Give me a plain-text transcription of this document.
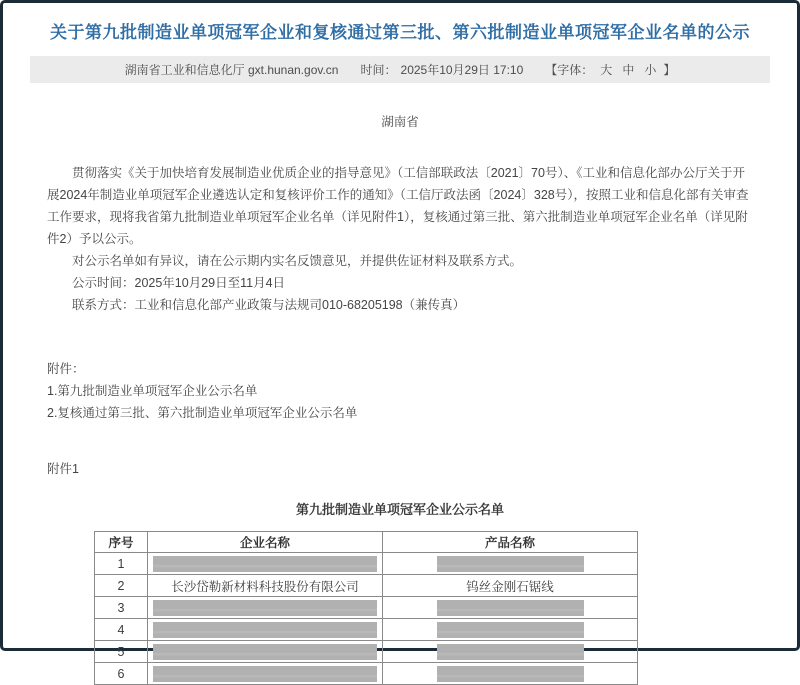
关于第九批制造业单项冠军企业和复核通过第三批、第六批制造业单项冠军企业名单的公示
湖南省工业和信息化厅 gxt.hunan.gov.cn 时间： 2025年10月29日 17:10 【字体： 大 中 小 】
湖南省

贯彻落实《关于加快培育发展制造业优质企业的指导意见》（工信部联政法〔2021〕70号）、《工业和信息化部办公厅关于开展2024年制造业单项冠军企业遴选认定和复核评价工作的通知》（工信厅政法函〔2024〕328号），按照工业和信息化部有关审查工作要求，现将我省第九批制造业单项冠军企业名单（详见附件1），复核通过第三批、第六批制造业单项冠军企业名单（详见附件2）予以公示。

对公示名单如有异议，请在公示期内实名反馈意见，并提供佐证材料及联系方式。

公示时间：2025年10月29日至11月4日

联系方式：工业和信息化部产业政策与法规司010-68205198（兼传真）

附件：
1.第九批制造业单项冠军企业公示名单
2.复核通过第三批、第六批制造业单项冠军企业公示名单
附件1
第九批制造业单项冠军企业公示名单
序号	企业名称	产品名称
1	

2	长沙岱勒新材料科技股份有限公司	钨丝金刚石锯线
3	

4	

5	

6	
